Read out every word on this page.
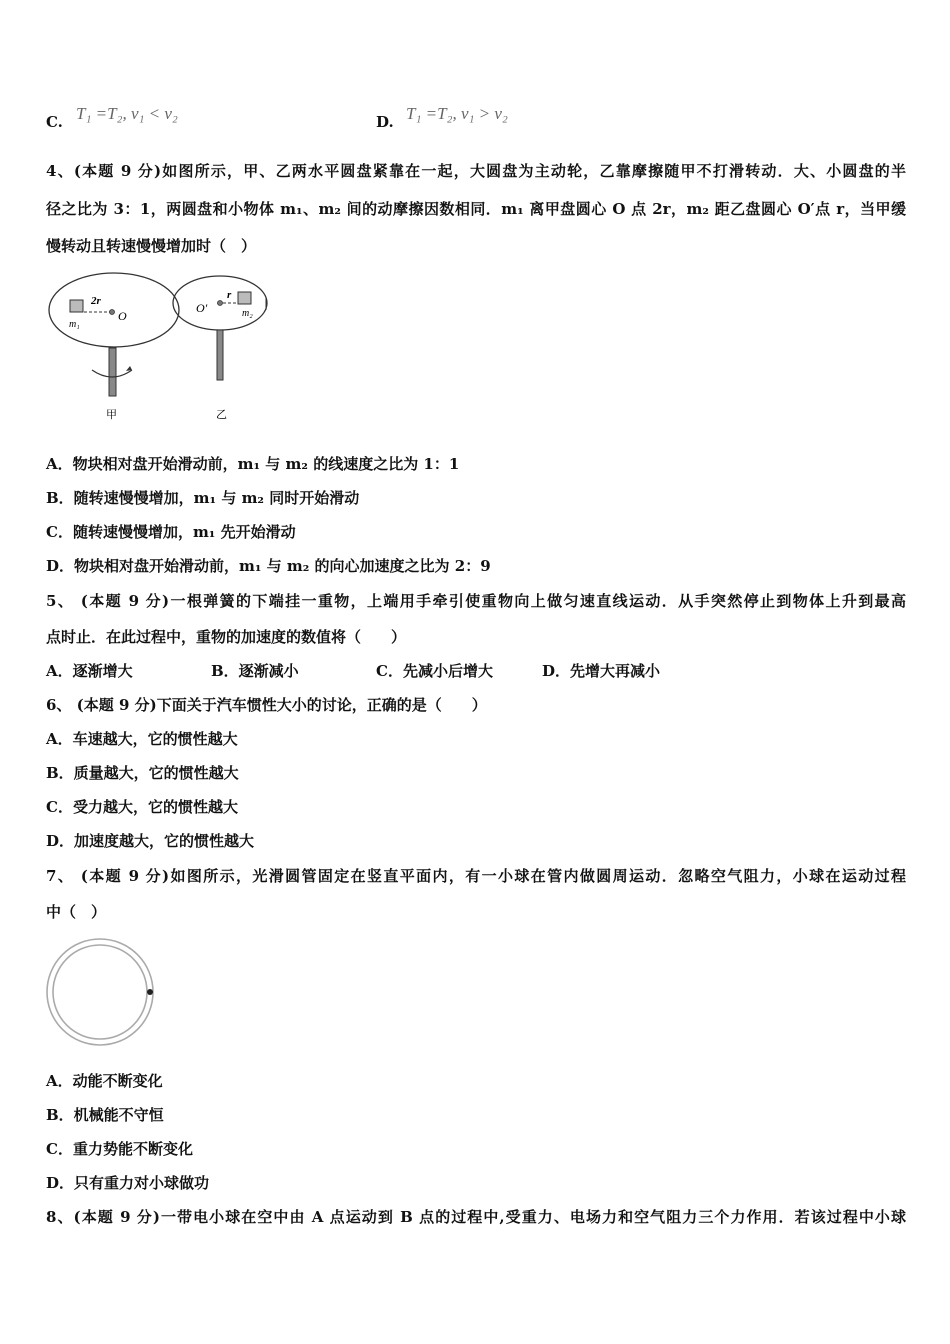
C. T₁ =T₂, v₁ < v₂	D. T₁ =T₂, v₁ > v₂
4、(本题 9 分)如图所示，甲、乙两水平圆盘紧靠在一起，大圆盘为主动轮，乙靠摩擦随甲不打滑转动．大、小圆盘的半
径之比为 3：1，两圆盘和小物体 m₁、m₂ 间的动摩擦因数相同．m₁ 离甲盘圆心 O 点 2r，m₂ 距乙盘圆心 O′点 r，当甲缓
慢转动且转速慢慢增加时（　）
2r
O
m₁
甲
O′
r
m₂
乙
A．物块相对盘开始滑动前，m₁ 与 m₂ 的线速度之比为 1：1
B．随转速慢慢增加，m₁ 与 m₂ 同时开始滑动
C．随转速慢慢增加，m₁ 先开始滑动
D．物块相对盘开始滑动前，m₁ 与 m₂ 的向心加速度之比为 2：9
5、 (本题 9 分)一根弹簧的下端挂一重物，上端用手牵引使重物向上做匀速直线运动．从手突然停止到物体上升到最高
点时止．在此过程中，重物的加速度的数值将（　　）
A．逐渐增大	B．逐渐减小	C．先减小后增大	D．先增大再减小
6、 (本题 9 分)下面关于汽车惯性大小的讨论，正确的是（　　）
A．车速越大，它的惯性越大
B．质量越大，它的惯性越大
C．受力越大，它的惯性越大
D．加速度越大，它的惯性越大
7、 (本题 9 分)如图所示，光滑圆管固定在竖直平面内，有一小球在管内做圆周运动．忽略空气阻力，小球在运动过程
中（　）
A．动能不断变化
B．机械能不守恒
C．重力势能不断变化
D．只有重力对小球做功
8、(本题 9 分)一带电小球在空中由 A 点运动到 B 点的过程中,受重力、电场力和空气阻力三个力作用．若该过程中小球
